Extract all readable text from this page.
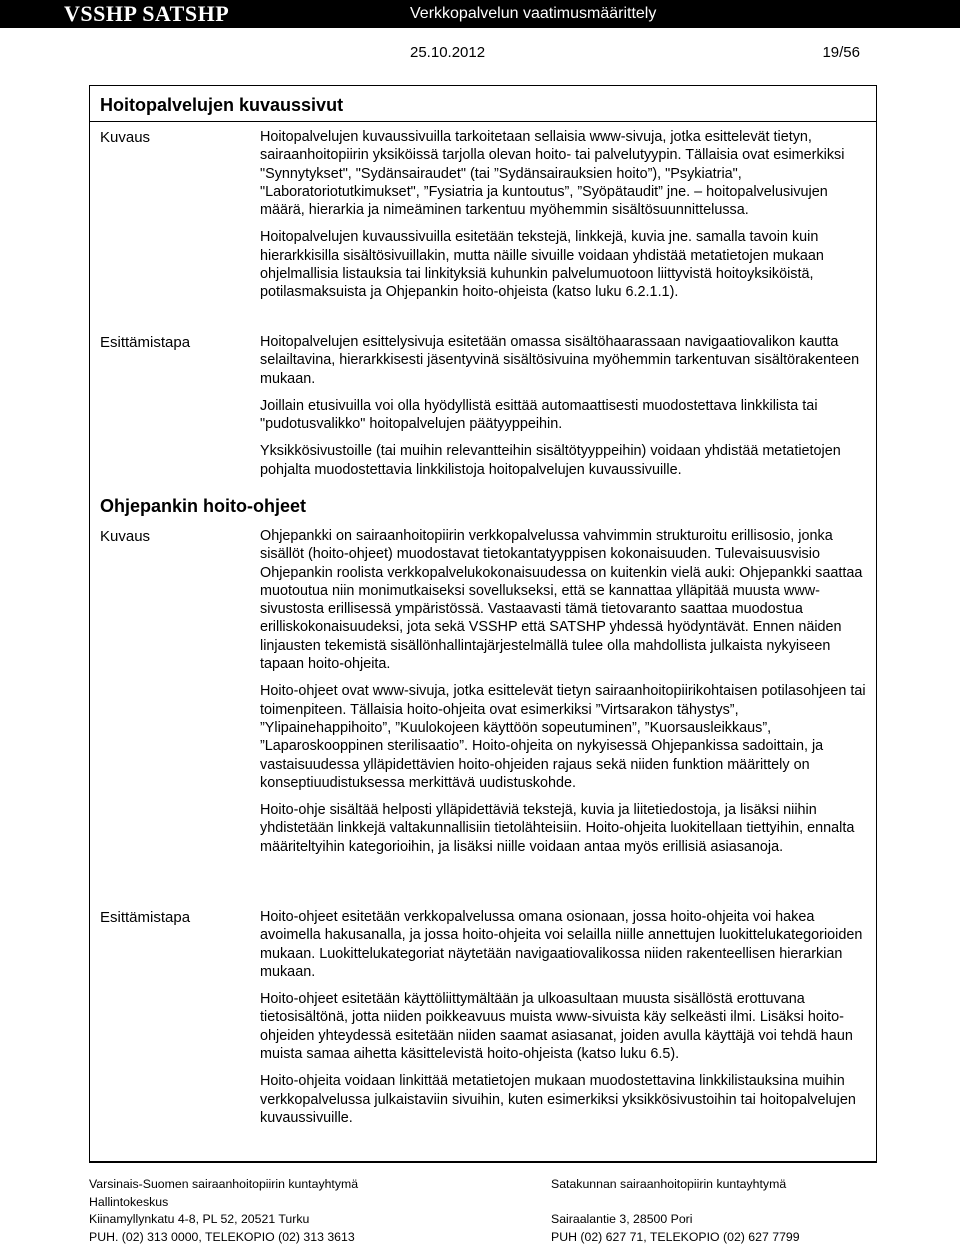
VSSHP SATSHP	Verkkopalvelun vaatimusmäärittely
25.10.2012	19/56
Hoitopalvelujen kuvaussivut
Kuvaus	Hoitopalvelujen kuvaussivuilla tarkoitetaan sellaisia www-sivuja, jotka esittelevät tietyn, sairaanhoitopiirin yksiköissä tarjolla olevan hoito- tai palvelutyypin. Tällaisia ovat esimerkiksi "Synnytykset", "Sydänsairaudet" (tai ”Sydänsairauksien hoito”), "Psykiatria", "Laboratoriotutkimukset", ”Fysiatria ja kuntoutus”, ”Syöpätaudit” jne. – hoitopalvelusivujen määrä, hierarkia ja nimeäminen tarkentuu myöhemmin sisältösuunnittelussa.

Hoitopalvelujen kuvaussivuilla esitetään tekstejä, linkkejä, kuvia jne. samalla tavoin kuin hierarkkisilla sisältösivuillakin, mutta näille sivuille voidaan yhdistää metatietojen mukaan ohjelmallisia listauksia tai linkityksiä kuhunkin palvelumuotoon liittyvistä hoitoyksiköistä, potilasmaksuista ja Ohjepankin hoito-ohjeista (katso luku 6.2.1.1).

Esittämistapa	Hoitopalvelujen esittelysivuja esitetään omassa sisältöhaarassaan navigaatiovalikon kautta selailtavina, hierarkkisesti jäsentyvinä sisältösivuina myöhemmin tarkentuvan sisältörakenteen mukaan.

Joillain etusivuilla voi olla hyödyllistä esittää automaattisesti muodostettava linkkilista tai "pudotusvalikko" hoitopalvelujen päätyyppeihin.

Yksikkösivustoille (tai muihin relevantteihin sisältötyyppeihin) voidaan yhdistää metatietojen pohjalta muodostettavia linkkilistoja hoitopalvelujen kuvaussivuille.

Ohjepankin hoito-ohjeet
Kuvaus	Ohjepankki on sairaanhoitopiirin verkkopalvelussa vahvimmin strukturoitu erillisosio, jonka sisällöt (hoito-ohjeet) muodostavat tietokantatyyppisen kokonaisuuden. Tulevaisuusvisio Ohjepankin roolista verkkopalvelukokonaisuudessa on kuitenkin vielä auki: Ohjepankki saattaa muotoutua niin monimutkaiseksi sovellukseksi, että se kannattaa ylläpitää muusta www-sivustosta erillisessä ympäristössä. Vastaavasti tämä tietovaranto saattaa muodostua erilliskokonaisuudeksi, jota sekä VSSHP että SATSHP yhdessä hyödyntävät. Ennen näiden linjausten tekemistä sisällönhallintajärjestelmällä tulee olla mahdollista julkaista nykyiseen tapaan hoito-ohjeita.

Hoito-ohjeet ovat www-sivuja, jotka esittelevät tietyn sairaanhoitopiirikohtaisen potilasohjeen tai toimenpiteen. Tällaisia hoito-ohjeita ovat esimerkiksi ”Virtsarakon tähystys”, ”Ylipainehappihoito”, ”Kuulokojeen käyttöön sopeutuminen”, ”Kuorsausleikkaus”, ”Laparoskooppinen sterilisaatio”. Hoito-ohjeita on nykyisessä Ohjepankissa sadoittain, ja vastaisuudessa ylläpidettävien hoito-ohjeiden rajaus sekä niiden funktion määrittely on konseptiuudistuksessa merkittävä uudistuskohde.

Hoito-ohje sisältää helposti ylläpidettäviä tekstejä, kuvia ja liitetiedostoja, ja lisäksi niihin yhdistetään linkkejä valtakunnallisiin tietolähteisiin. Hoito-ohjeita luokitellaan tiettyihin, ennalta määriteltyihin kategorioihin, ja lisäksi niille voidaan antaa myös erillisiä asiasanoja.

Esittämistapa	Hoito-ohjeet esitetään verkkopalvelussa omana osionaan, jossa hoito-ohjeita voi hakea avoimella hakusanalla, ja jossa hoito-ohjeita voi selailla niille annettujen luokittelukategorioiden mukaan. Luokittelukategoriat näytetään navigaatiovalikossa niiden rakenteellisen hierarkian mukaan.

Hoito-ohjeet esitetään käyttöliittymältään ja ulkoasultaan muusta sisällöstä erottuvana tietosisältönä, jotta niiden poikkeavuus muista www-sivuista käy selkeästi ilmi. Lisäksi hoito-ohjeiden yhteydessä esitetään niiden saamat asiasanat, joiden avulla käyttäjä voi tehdä haun muista samaa aihetta käsittelevistä hoito-ohjeista (katso luku 6.5).

Hoito-ohjeita voidaan linkittää metatietojen mukaan muodostettavina linkkilistauksina muihin verkkopalvelussa julkaistaviin sivuihin, kuten esimerkiksi yksikkösivustoihin tai hoitopalvelujen kuvaussivuille.

Varsinais-Suomen sairaanhoitopiirin kuntayhtymä
Hallintokeskus
Kiinamyllynkatu 4-8, PL 52, 20521 Turku
PUH. (02) 313 0000, TELEKOPIO (02) 313 3613
Satakunnan sairaanhoitopiirin kuntayhtymä
Sairaalantie 3, 28500 Pori
PUH (02) 627 71, TELEKOPIO (02) 627 7799
